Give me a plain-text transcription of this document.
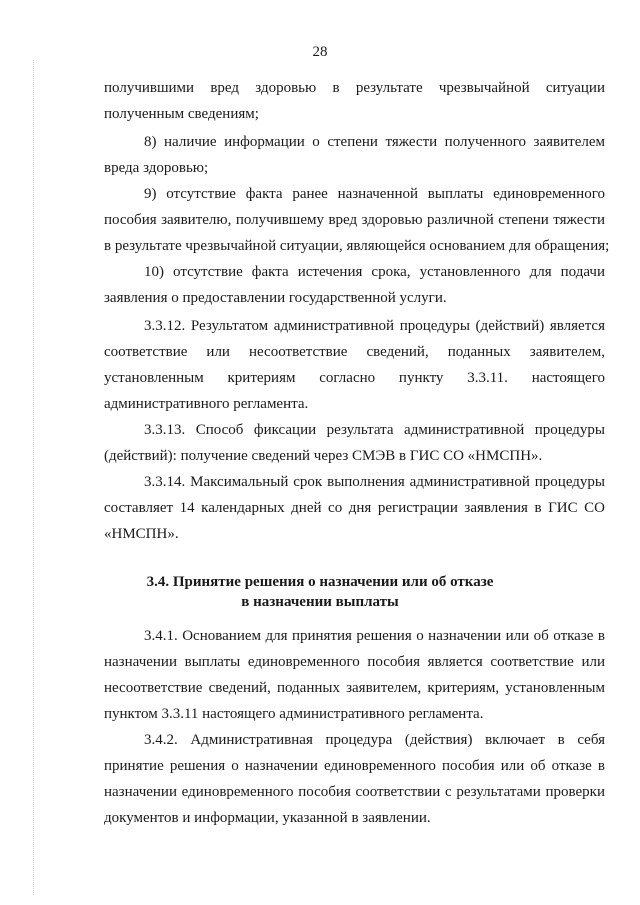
28
получившими вред здоровью в результате чрезвычайной ситуации
полученным сведениям;
8) наличие информации о степени тяжести полученного заявителем
вреда здоровью;
9) отсутствие факта ранее назначенной выплаты единовременного
пособия заявителю, получившему вред здоровью различной степени тяжести
в результате чрезвычайной ситуации, являющейся основанием для обращения;
10) отсутствие факта истечения срока, установленного для подачи
заявления о предоставлении государственной услуги.
3.3.12. Результатом административной процедуры (действий) является
соответствие или несоответствие сведений, поданных заявителем,
установленным критериям согласно пункту 3.3.11. настоящего
административного регламента.
3.3.13. Способ фиксации результата административной процедуры
(действий): получение сведений через СМЭВ в ГИС СО «НМСПН».
3.3.14. Максимальный срок выполнения административной процедуры
составляет 14 календарных дней со дня регистрации заявления в ГИС СО
«НМСПН».
3.4. Принятие решения о назначении или об отказе
в назначении выплаты
3.4.1. Основанием для принятия решения о назначении или об отказе в
назначении выплаты единовременного пособия является соответствие или
несоответствие сведений, поданных заявителем, критериям, установленным
пунктом 3.3.11 настоящего административного регламента.
3.4.2. Административная процедура (действия) включает в себя
принятие решения о назначении единовременного пособия или об отказе в
назначении единовременного пособия соответствии с результатами проверки
документов и информации, указанной в заявлении.
